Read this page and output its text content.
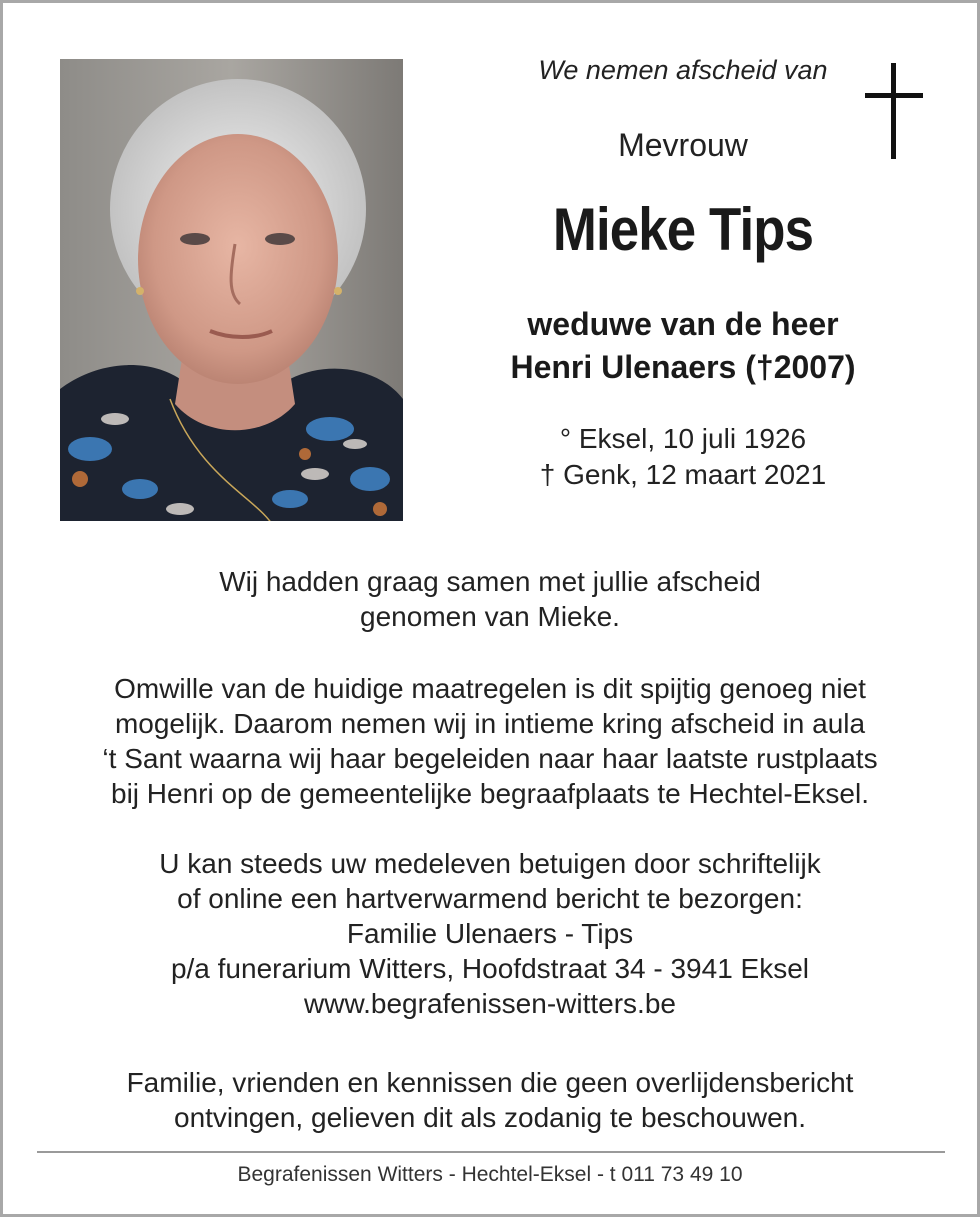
We nemen afscheid van
Mevrouw
Mieke Tips
weduwe van de heer
Henri Ulenaers (†2007)
° Eksel, 10 juli 1926
† Genk, 12 maart 2021
Wij hadden graag samen met jullie afscheid
genomen van Mieke.
Omwille van de huidige maatregelen is dit spijtig genoeg niet
mogelijk. Daarom nemen wij in intieme kring afscheid in aula
‘t Sant waarna wij haar begeleiden naar haar laatste rustplaats
bij Henri op de gemeentelijke begraafplaats te Hechtel-Eksel.
U kan steeds uw medeleven betuigen door schriftelijk
of online een hartverwarmend bericht te bezorgen:
Familie Ulenaers - Tips
p/a funerarium Witters, Hoofdstraat 34 - 3941 Eksel
www.begrafenissen-witters.be
Familie, vrienden en kennissen die geen overlijdensbericht
ontvingen, gelieven dit als zodanig te beschouwen.
Begrafenissen Witters - Hechtel-Eksel - t 011 73 49 10
